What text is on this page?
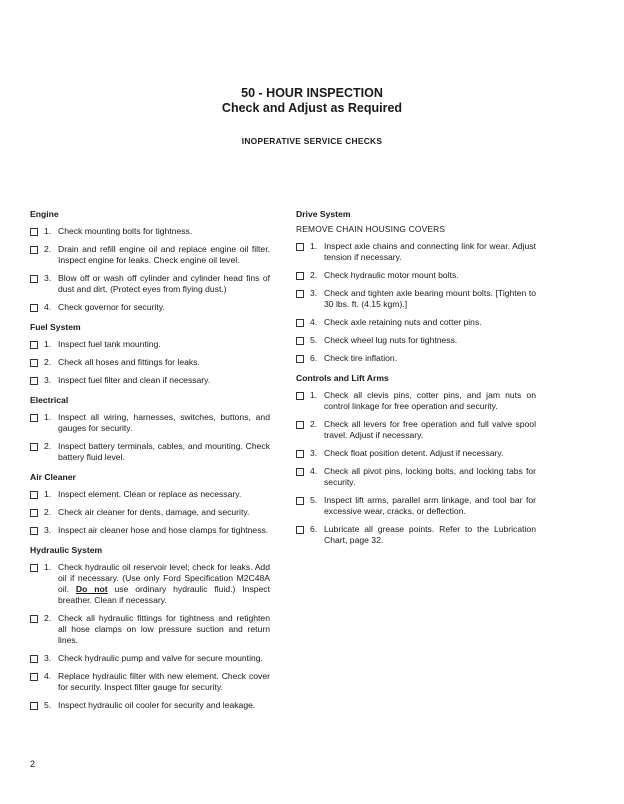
50 - HOUR INSPECTION
Check and Adjust as Required
INOPERATIVE SERVICE CHECKS
Engine
1. Check mounting bolts for tightness.
2. Drain and refill engine oil and replace engine oil filter. Inspect engine for leaks. Check engine oil level.
3. Blow off or wash off cylinder and cylinder head fins of dust and dirt. (Protect eyes from flying dust.)
4. Check governor for security.
Fuel System
1. Inspect fuel tank mounting.
2. Check all hoses and fittings for leaks.
3. Inspect fuel filter and clean if necessary.
Electrical
1. Inspect all wiring, harnesses, switches, buttons, and gauges for security.
2. Inspect battery terminals, cables, and mounting. Check battery fluid level.
Air Cleaner
1. Inspect element. Clean or replace as necessary.
2. Check air cleaner for dents, damage, and security.
3. Inspect air cleaner hose and hose clamps for tightness.
Hydraulic System
1. Check hydraulic oil reservoir level; check for leaks. Add oil if necessary. (Use only Ford Specification M2C48A oil. Do not use ordinary hydraulic fluid.) Inspect breather. Clean if necessary.
2. Check all hydraulic fittings for tightness and retighten all hose clamps on low pressure suction and return lines.
3. Check hydraulic pump and valve for secure mounting.
4. Replace hydraulic filter with new element. Check cover for security. Inspect filter gauge for security.
5. Inspect hydraulic oil cooler for security and leakage.
Drive System
REMOVE CHAIN HOUSING COVERS
1. Inspect axle chains and connecting link for wear. Adjust tension if necessary.
2. Check hydraulic motor mount bolts.
3. Check and tighten axle bearing mount bolts. [Tighten to 30 lbs. ft. (4.15 kgm).]
4. Check axle retaining nuts and cotter pins.
5. Check wheel lug nuts for tightness.
6. Check tire inflation.
Controls and Lift Arms
1. Check all clevis pins, cotter pins, and jam nuts on control linkage for free operation and security.
2. Check all levers for free operation and full valve spool travel. Adjust if necessary.
3. Check float position detent. Adjust if necessary.
4. Check all pivot pins, locking bolts, and locking tabs for security.
5. Inspect lift arms, parallel arm linkage, and tool bar for excessive wear, cracks, or deflection.
6. Lubricate all grease points. Refer to the Lubrication Chart, page 32.
2
